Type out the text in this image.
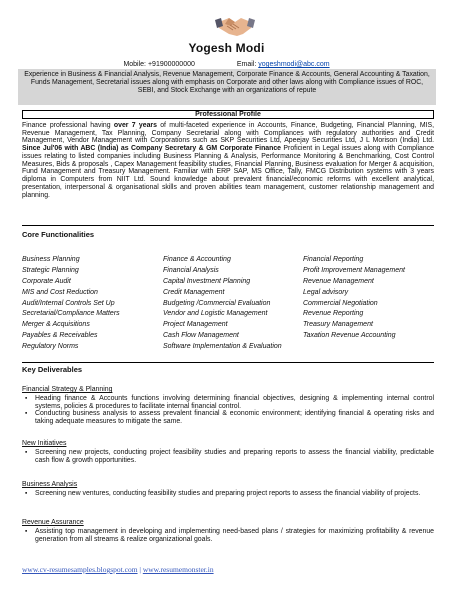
Yogesh Modi
Mobile: +91900000000	Email: yogeshmodi@abc.com
Experience in Business & Financial Analysis, Revenue Management, Corporate Finance & Accounts, General Accounting & Taxation, Funds Management, Secretarial issues along with emphasis on Corporate and other laws along with Compliance issues of ROC, SEBI, and Stock Exchange with an organizations of repute
Professional Profile
Finance professional having over 7 years of multi-faceted experience in Accounts, Finance, Budgeting, Financial Planning, MIS, Revenue Management, Tax Planning, Company Secretarial along with Compliances with regulatory authorities and Credit Management, Vendor Management with Corporations such as SKP Securities Ltd, Apeejay Securities Ltd, J L Morison (India) Ltd. Since Jul'06 with ABC (India) as Company Secretary & GM Corporate Finance Proficient in Legal issues along with Compliance issues relating to listed companies including Business Planning & Analysis, Performance Monitoring & Benchmarking, Cost Control Measures, Bids & proposals , Capex Management feasibility studies, Financial Planning, Business evaluation for Merger & acquisition, Fund Management and Treasury Management. Familiar with ERP SAP, MS Office, Tally, FMCG Distribution systems with 3 years diploma in Computers from NIIT Ltd. Sound knowledge about prevalent financial/economic reforms with excellent analytical, presentation, interpersonal & organisational skills and proven abilities team management, customer relationship management and planning.
Core Functionalities
Business Planning
Strategic Planning
Corporate Audit
MIS and Cost Reduction
Audit/Internal Controls Set Up
Secretarial/Compliance Matters
Merger & Acquisitions
Payables & Receivables
Regulatory Norms
Finance & Accounting
Financial Analysis
Capital Investment Planning
Credit Management
Budgeting /Commercial Evaluation
Vendor and Logistic Management
Project Management
Cash Flow Management
Software Implementation & Evaluation
Financial Reporting
Profit Improvement Management
Revenue Management
Legal advisory
Commercial Negotiation
Revenue Reporting
Treasury Management
Taxation Revenue Accounting
Key Deliverables
Financial Strategy & Planning
▪ Heading finance & Accounts functions involving determining financial objectives, designing & implementing internal control systems, policies & procedures to facilitate internal financial control.
▪ Conducting business analysis to assess prevalent financial & economic environment; identifying financial & operating risks and taking adequate measures to mitigate the same.
New Initiatives
▪ Screening new projects, conducting project feasibility studies and preparing reports to assess the financial viability, predictable cash flow & growth opportunities.
Business Analysis
▪ Screening new ventures, conducting feasibility studies and preparing project reports to assess the financial viability of projects.
Revenue Assurance
▪ Assisting top management in developing and implementing need-based plans / strategies for maximizing profitability & revenue generation from all streams & realize organizational goals.
www.cv-resumesamples.blogspot.com | www.resumemonster.in
